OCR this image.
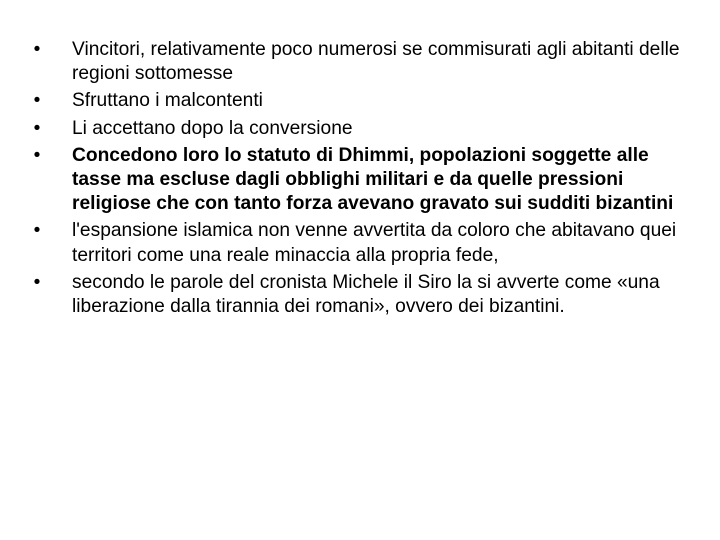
• Vincitori, relativamente poco numerosi se commisurati agli abitanti delle regioni sottomesse
• Sfruttano i malcontenti
• Li accettano dopo la conversione
• Concedono loro lo statuto di Dhimmi, popolazioni soggette alle tasse ma escluse dagli obblighi militari e da quelle pressioni religiose che con tanto forza avevano gravato sui sudditi bizantini
• l'espansione islamica non venne avvertita da coloro che abitavano quei territori come una reale minaccia alla propria fede,
• secondo le parole del cronista Michele il Siro la si avverte come «una liberazione dalla tirannia dei romani», ovvero dei bizantini.
